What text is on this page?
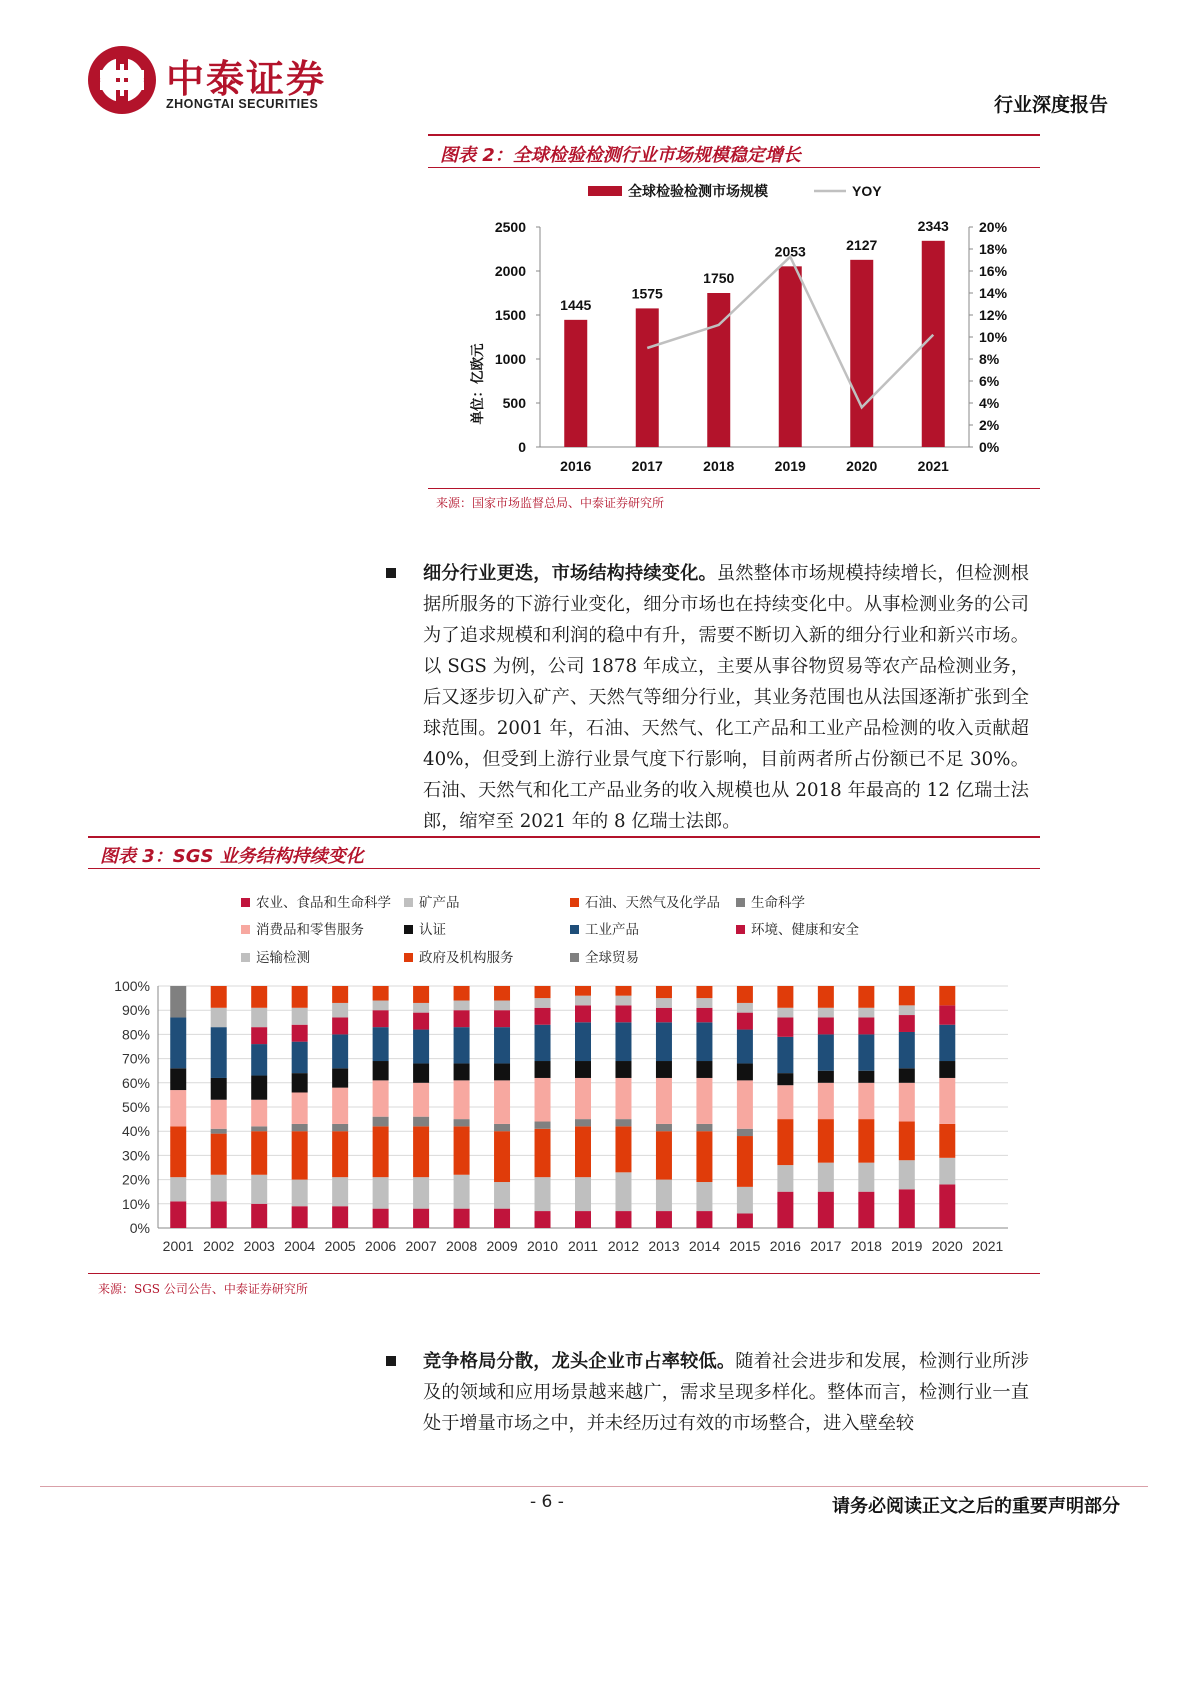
中泰证券
ZHONGTAI SECURITIES	行业深度报告
图表 2：全球检验检测行业市场规模稳定增长
全球检验检测市场规模	YOY
单位：亿欧元
0
500
1000
1500
2000
2500
0%
2%
4%
6%
8%
10%
12%
14%
16%
18%
20%
1445
1575
1750
2053	2127
2343
2016	2017	2018	2019	2020	2021
来源：国家市场监督总局、中泰证券研究所
细分行业更迭，市场结构持续变化。虽然整体市场规模持续增长，但检测根据所服务的下游行业变化，细分市场也在持续变化中。从事检测业务的公司为了追求规模和利润的稳中有升，需要不断切入新的细分行业和新兴市场。以 SGS 为例，公司 1878 年成立，主要从事谷物贸易等农产品检测业务，后又逐步切入矿产、天然气等细分行业，其业务范围也从法国逐渐扩张到全球范围。2001 年，石油、天然气、化工产品和工业产品检测的收入贡献超 40%，但受到上游行业景气度下行影响，目前两者所占份额已不足 30%。石油、天然气和化工产品业务的收入规模也从 2018 年最高的 12 亿瑞士法郎，缩窄至 2021 年的 8 亿瑞士法郎。
图表 3：SGS 业务结构持续变化
农业、食品和生命科学	矿产品	石油、天然气及化学品	生命科学
消费品和零售服务	认证	工业产品	环境、健康和安全
运输检测	政府及机构服务	全球贸易
0%
10%
20%
30%
40%
50%
60%
70%
80%
90%
100%
2001 2002 2003 2004 2005 2006 2007 2008 2009 2010 2011 2012 2013 2014 2015 2016 2017 2018 2019 2020 2021
来源：SGS 公司公告、中泰证券研究所
竞争格局分散，龙头企业市占率较低。随着社会进步和发展，检测行业所涉及的领域和应用场景越来越广，需求呈现多样化。整体而言，检测行业一直处于增量市场之中，并未经历过有效的市场整合，进入壁垒较
- 6 -	请务必阅读正文之后的重要声明部分
